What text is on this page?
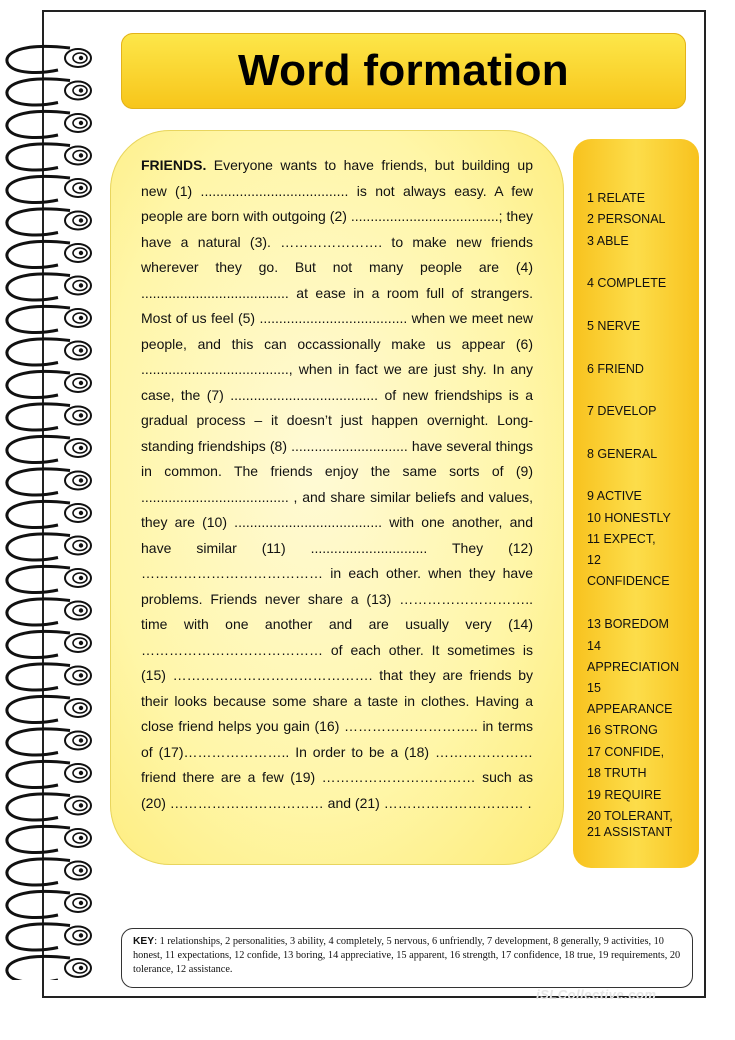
Word formation
FRIENDS. Everyone wants to have friends, but building up new (1) ...................................... is not always easy. A few people are born with outgoing (2) ......................................; they have a natural (3). …………………. to make new friends wherever they go. But not many people are (4) ...................................... at ease in a room full of strangers. Most of us feel (5) ...................................... when we meet new people, and this can occassionally make us appear (6) ......................................, when in fact we are just shy. In any case, the (7) ...................................... of new friendships is a gradual process – it doesn’t just happen overnight. Long-standing friendships (8) .............................. have several things in common. The friends enjoy the same sorts of (9) ...................................... , and share similar beliefs and values, they are (10) ...................................... with one another, and have similar (11) .............................. They (12) ………………………………… in each other. when they have problems. Friends never share a (13) ……………………….. time with one another and are usually very (14) ………………………………… of each other. It sometimes is (15) ……………………………………. that they are friends by their looks because some share a taste in clothes. Having a close friend helps you gain (16) ……………………….. in terms of (17)………………….. In order to be a (18) ………………… friend there are a few (19) …………………………… such as (20) …………………………… and (21) ………………………… .
1 RELATE
2 PERSONAL
3 ABLE
4 COMPLETE
5 NERVE
6 FRIEND
7 DEVELOP
8 GENERAL
9 ACTIVE
10 HONESTLY
11 EXPECT,
12
CONFIDENCE
13 BOREDOM
14
APPRECIATION
15
APPEARANCE
16 STRONG
17 CONFIDE,
18 TRUTH
19 REQUIRE
20 TOLERANT,
21 ASSISTANT
KEY: 1 relationships, 2 personalities, 3 ability, 4 completely, 5 nervous, 6 unfriendly, 7 development, 8 generally, 9 activities, 10 honest, 11 expectations, 12 confide, 13 boring, 14 appreciative, 15 apparent, 16 strength, 17 confidence, 18 true, 19 requirements, 20 tolerance, 12 assistance.
iSLCollective.com
